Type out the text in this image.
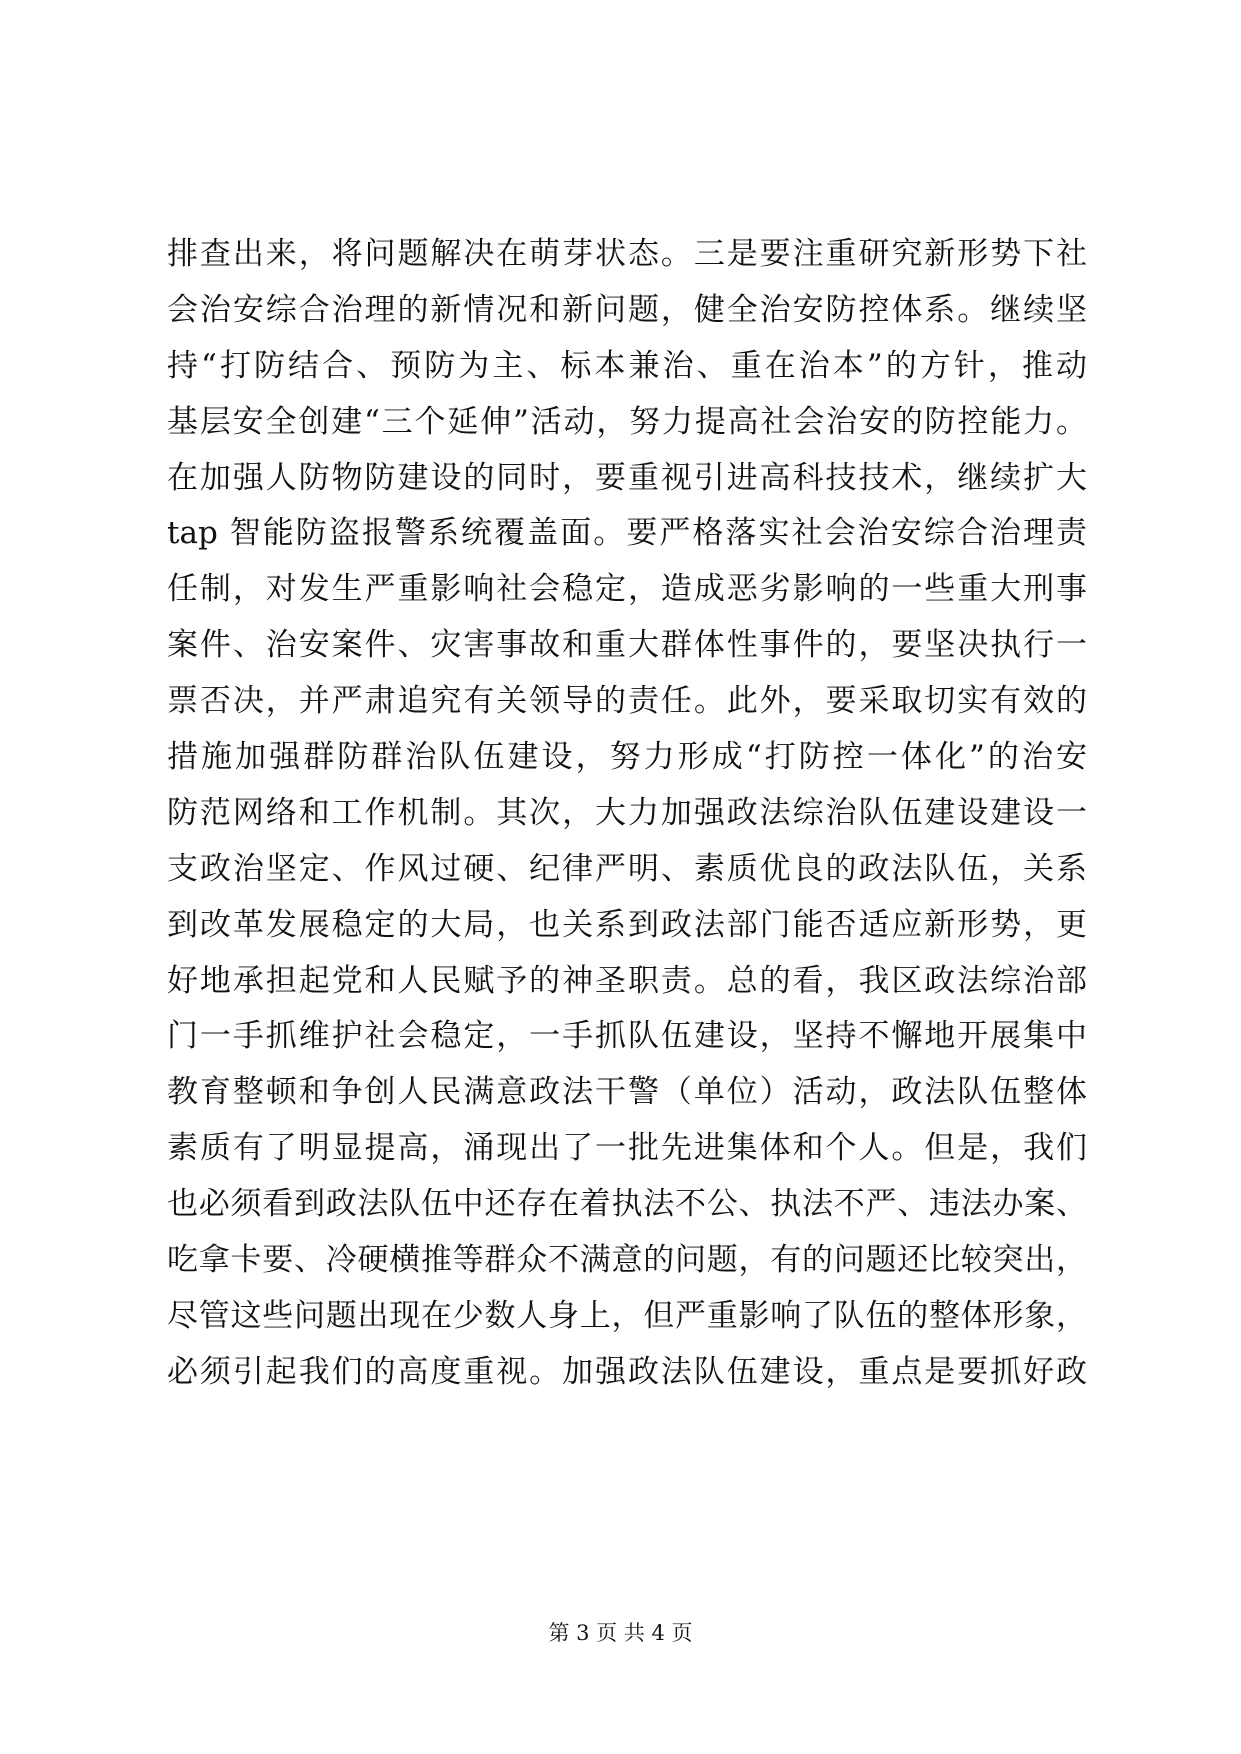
排查出来，将问题解决在萌芽状态。三是要注重研究新形势下社
会治安综合治理的新情况和新问题，健全治安防控体系。继续坚
持“打防结合、预防为主、标本兼治、重在治本”的方针，推动
基层安全创建“三个延伸”活动，努力提高社会治安的防控能力。
在加强人防物防建设的同时，要重视引进高科技技术，继续扩大
tap 智能防盗报警系统覆盖面。要严格落实社会治安综合治理责
任制，对发生严重影响社会稳定，造成恶劣影响的一些重大刑事
案件、治安案件、灾害事故和重大群体性事件的，要坚决执行一
票否决，并严肃追究有关领导的责任。此外，要采取切实有效的
措施加强群防群治队伍建设，努力形成“打防控一体化”的治安
防范网络和工作机制。其次，大力加强政法综治队伍建设建设一
支政治坚定、作风过硬、纪律严明、素质优良的政法队伍，关系
到改革发展稳定的大局，也关系到政法部门能否适应新形势，更
好地承担起党和人民赋予的神圣职责。总的看，我区政法综治部
门一手抓维护社会稳定，一手抓队伍建设，坚持不懈地开展集中
教育整顿和争创人民满意政法干警（单位）活动，政法队伍整体
素质有了明显提高，涌现出了一批先进集体和个人。但是，我们
也必须看到政法队伍中还存在着执法不公、执法不严、违法办案、
吃拿卡要、冷硬横推等群众不满意的问题，有的问题还比较突出，
尽管这些问题出现在少数人身上，但严重影响了队伍的整体形象，
必须引起我们的高度重视。加强政法队伍建设，重点是要抓好政
第 3 页 共 4 页
